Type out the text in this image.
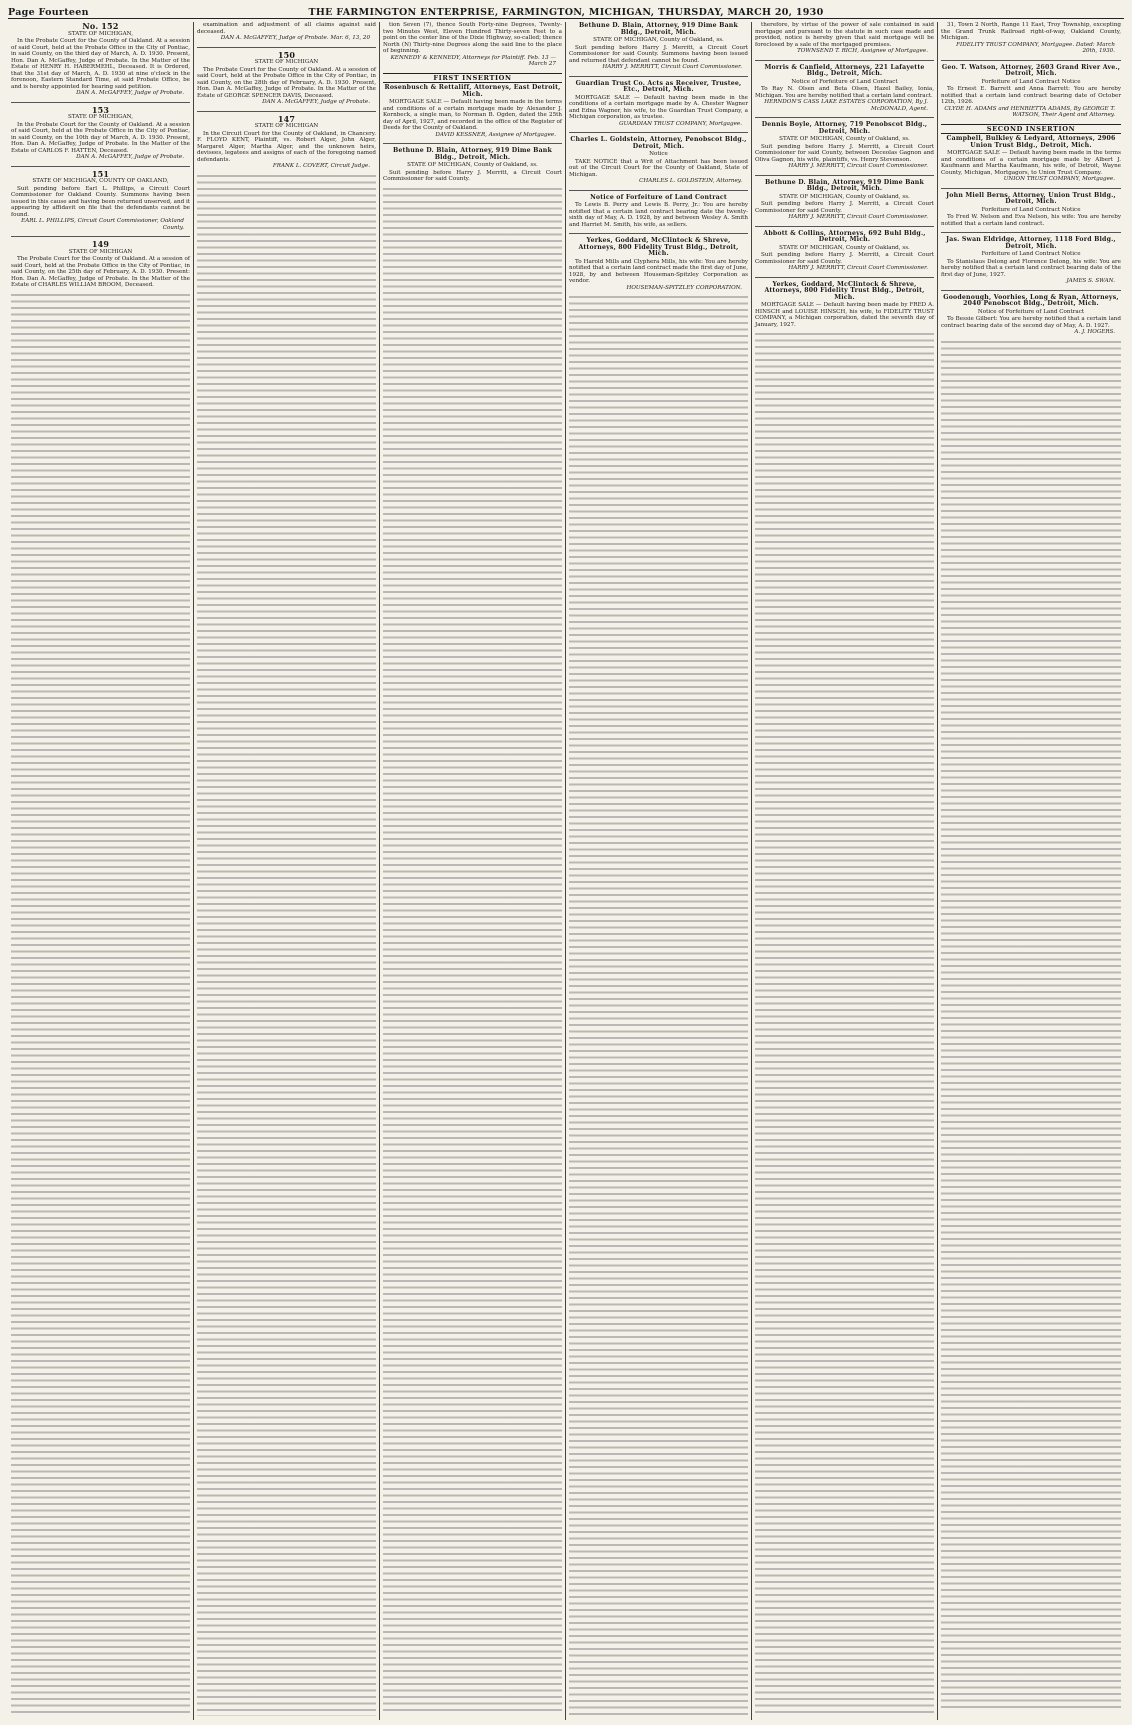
Page Fourteen	THE FARMINGTON ENTERPRISE, FARMINGTON, MICHIGAN, THURSDAY, MARCH 20, 1930
No. 152
STATE OF MICHIGAN,
In the Probate Court for the County of Oakland. At a session of said Court, held at the Probate Office in the City of Pontiac, in said County, on the third day of March, A. D. 1930. Present, Hon. Dan A. McGaffey, Judge of Probate. In the Matter of the Estate of HENRY H. HABERMEHL, Deceased. It is Ordered, that the 31st day of March, A. D. 1930 at nine o'clock in the forenoon, Eastern Standard Time, at said Probate Office, be and is hereby appointed for hearing said petition.
DAN A. McGAFFEY, Judge of Probate.
153
STATE OF MICHIGAN,
In the Probate Court for the County of Oakland. At a session of said Court, held at the Probate Office in the City of Pontiac, in said County, on the 10th day of March, A. D. 1930. Present, Hon. Dan A. McGaffey, Judge of Probate. In the Matter of the Estate of CARLOS F. HATTEN, Deceased.
DAN A. McGAFFEY, Judge of Probate.
151
STATE OF MICHIGAN, COUNTY OF OAKLAND,
Suit pending before Earl L. Phillips, a Circuit Court Commissioner for Oakland County. Summons having been issued in this cause and having been returned unserved, and it appearing by affidavit on file that the defendants cannot be found.
EARL L. PHILLIPS, Circuit Court Commissioner, Oakland County.
149
STATE OF MICHIGAN
The Probate Court for the County of Oakland. At a session of said Court, held at the Probate Office in the City of Pontiac, in said County, on the 25th day of February, A. D. 1930. Present: Hon. Dan A. McGaffey, Judge of Probate. In the Matter of the Estate of CHARLES WILLIAM BROOM, Deceased.
examination and adjustment of all claims against said deceased.
DAN A. McGAFFEY, Judge of Probate. Mar. 6, 13, 20
150
STATE OF MICHIGAN
The Probate Court for the County of Oakland. At a session of said Court, held at the Probate Office in the City of Pontiac, in said County, on the 28th day of February, A. D. 1930. Present, Hon. Dan A. McGaffey, Judge of Probate. In the Matter of the Estate of GEORGE SPENCER DAVIS, Deceased.
DAN A. McGAFFEY, Judge of Probate.
147
STATE OF MICHIGAN
In the Circuit Court for the County of Oakland, in Chancery. F. FLOYD KENT, Plaintiff, vs. Robert Alger, John Alger, Margaret Alger, Martha Alger, and the unknown heirs, devisees, legatees and assigns of each of the foregoing named defendants.
FRANK L. COVERT, Circuit Judge.
tion Seven (7), thence South Forty-nine Degrees, Twenty-two Minutes West, Eleven Hundred Thirty-seven Feet to a point on the center line of the Dixie Highway, so-called; thence North (N) Thirty-nine Degrees along the said line to the place of beginning.
KENNEDY & KENNEDY, Attorneys for Plaintiff. Feb. 13 — March 27
FIRST INSERTION
Rosenbusch & Rettaliff, Attorneys, East Detroit, Mich.
MORTGAGE SALE — Default having been made in the terms and conditions of a certain mortgage made by Alexander J. Kornbeck, a single man, to Norman B. Ogden, dated the 25th day of April, 1927, and recorded in the office of the Register of Deeds for the County of Oakland.
DAVID KESSNER, Assignee of Mortgagee.
Bethune D. Blain, Attorney, 919 Dime Bank Bldg., Detroit, Mich.
STATE OF MICHIGAN, County of Oakland, ss.
Suit pending before Harry J. Merritt, a Circuit Court Commissioner for said County.
Bethune D. Blain, Attorney, 919 Dime Bank Bldg., Detroit, Mich.
STATE OF MICHIGAN, County of Oakland, ss.
Suit pending before Harry J. Merritt, a Circuit Court Commissioner for said County. Summons having been issued and returned that defendant cannot be found.
HARRY J. MERRITT, Circuit Court Commissioner.
Guardian Trust Co. Acts as Receiver, Trustee, Etc., Detroit, Mich.
MORTGAGE SALE — Default having been made in the conditions of a certain mortgage made by A. Chester Wagner and Edna Wagner, his wife, to the Guardian Trust Company, a Michigan corporation, as trustee.
GUARDIAN TRUST COMPANY, Mortgagee.
Charles L. Goldstein, Attorney, Penobscot Bldg., Detroit, Mich.
Notice
TAKE NOTICE that a Writ of Attachment has been issued out of the Circuit Court for the County of Oakland, State of Michigan.
CHARLES L. GOLDSTEIN, Attorney.
Notice of Forfeiture of Land Contract
To Lewis B. Perry and Lewis B. Perry, Jr.: You are hereby notified that a certain land contract bearing date the twenty-sixth day of May, A. D. 1928, by and between Wesley A. Smith and Harriet M. Smith, his wife, as sellers.
Yerkes, Goddard, McClintock & Shreve, Attorneys, 800 Fidelity Trust Bldg., Detroit, Mich.
To Harold Mills and Clyphera Mills, his wife: You are hereby notified that a certain land contract made the first day of June, 1928, by and between Houseman-Spitzley Corporation as vendor.
HOUSEMAN-SPITZLEY CORPORATION.
therefore, by virtue of the power of sale contained in said mortgage and pursuant to the statute in such case made and provided, notice is hereby given that said mortgage will be foreclosed by a sale of the mortgaged premises.
TOWNSEND T. RICH, Assignee of Mortgagee.
Morris & Canfield, Attorneys, 221 Lafayette Bldg., Detroit, Mich.
Notice of Forfeiture of Land Contract
To Ray N. Olsen and Beta Olsen, Hazel Bailey, Ionia, Michigan. You are hereby notified that a certain land contract.
HERNDON'S CASS LAKE ESTATES CORPORATION, By J. McDONALD, Agent.
Dennis Boyle, Attorney, 719 Penobscot Bldg., Detroit, Mich.
STATE OF MICHIGAN, County of Oakland, ss.
Suit pending before Harry J. Merritt, a Circuit Court Commissioner for said County, between Deceolas Gagnon and Oliva Gagnon, his wife, plaintiffs, vs. Henry Stevenson.
HARRY J. MERRITT, Circuit Court Commissioner.
Bethune D. Blain, Attorney, 919 Dime Bank Bldg., Detroit, Mich.
STATE OF MICHIGAN, County of Oakland, ss.
Suit pending before Harry J. Merritt, a Circuit Court Commissioner for said County.
HARRY J. MERRITT, Circuit Court Commissioner.
Abbott & Collins, Attorneys, 692 Buhl Bldg., Detroit, Mich.
STATE OF MICHIGAN, County of Oakland, ss.
Suit pending before Harry J. Merritt, a Circuit Court Commissioner for said County.
HARRY J. MERRITT, Circuit Court Commissioner.
Yerkes, Goddard, McClintock & Shreve, Attorneys, 800 Fidelity Trust Bldg., Detroit, Mich.
MORTGAGE SALE — Default having been made by FRED A. HINSCH and LOUISE HINSCH, his wife, to FIDELITY TRUST COMPANY, a Michigan corporation, dated the seventh day of January, 1927.
31, Town 2 North, Range 11 East, Troy Township, excepting the Grand Trunk Railroad right-of-way, Oakland County, Michigan.
FIDELITY TRUST COMPANY, Mortgagee. Dated: March 20th, 1930.
Geo. T. Watson, Attorney, 2603 Grand River Ave., Detroit, Mich.
Forfeiture of Land Contract Notice
To Ernest E. Barrett and Anna Barrett: You are hereby notified that a certain land contract bearing date of October 12th, 1926.
CLYDE H. ADAMS and HENRIETTA ADAMS, By GEORGE T. WATSON, Their Agent and Attorney.
SECOND INSERTION
Campbell, Bulkley & Ledyard, Attorneys, 2906 Union Trust Bldg., Detroit, Mich.
MORTGAGE SALE — Default having been made in the terms and conditions of a certain mortgage made by Albert J. Kaufmann and Martha Kaufmann, his wife, of Detroit, Wayne County, Michigan, Mortgagors, to Union Trust Company.
UNION TRUST COMPANY, Mortgagee.
John Miell Berns, Attorney, Union Trust Bldg., Detroit, Mich.
Forfeiture of Land Contract Notice
To Fred W. Nelson and Eva Nelson, his wife: You are hereby notified that a certain land contract.
Jas. Swan Eldridge, Attorney, 1118 Ford Bldg., Detroit, Mich.
Forfeiture of Land Contract Notice
To Stanislaus Delong and Florence Delong, his wife: You are hereby notified that a certain land contract bearing date of the first day of June, 1927.
JAMES S. SWAN.
Goodenough, Voorhies, Long & Ryan, Attorneys, 2040 Penobscot Bldg., Detroit, Mich.
Notice of Forfeiture of Land Contract
To Bessie Gilbert: You are hereby notified that a certain land contract bearing date of the second day of May, A. D. 1927.
A. J. HOGERS.
